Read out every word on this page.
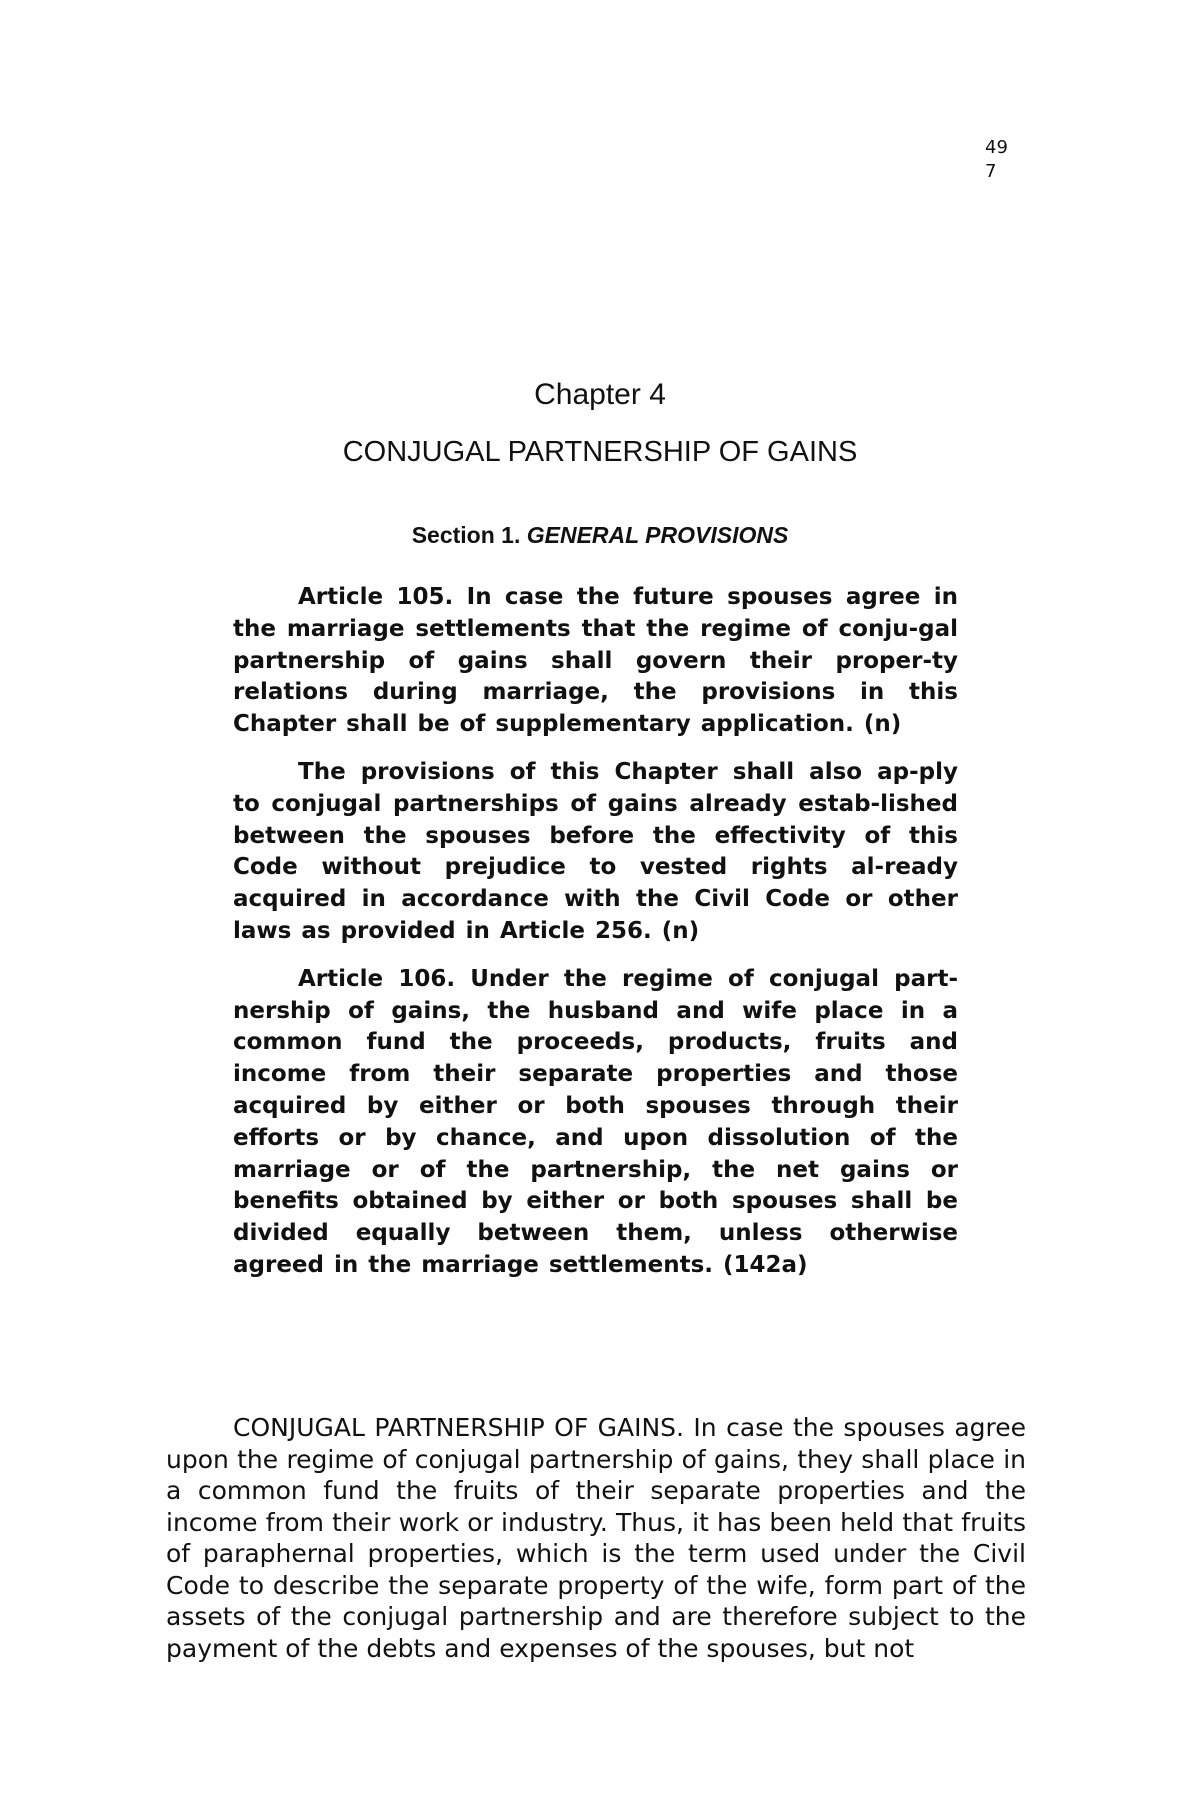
49
7
Chapter 4
CONJUGAL PARTNERSHIP OF GAINS
Section 1. GENERAL PROVISIONS

Article 105. In case the future spouses agree in the marriage settlements that the regime of conju-gal partnership of gains shall govern their proper-ty relations during marriage, the provisions in this Chapter shall be of supplementary application. (n)

The provisions of this Chapter shall also ap-ply to conjugal partnerships of gains already estab-lished between the spouses before the effectivity of this Code without prejudice to vested rights al-ready acquired in accordance with the Civil Code or other laws as provided in Article 256. (n)

Article 106. Under the regime of conjugal part-nership of gains, the husband and wife place in a common fund the proceeds, products, fruits and income from their separate properties and those acquired by either or both spouses through their efforts or by chance, and upon dissolution of the marriage or of the partnership, the net gains or benefits obtained by either or both spouses shall be divided equally between them, unless otherwise agreed in the marriage settlements. (142a)

CONJUGAL PARTNERSHIP OF GAINS. In case the spouses agree upon the regime of conjugal partnership of gains, they shall place in a common fund the fruits of their separate properties and the income from their work or industry. Thus, it has been held that fruits of paraphernal properties, which is the term used under the Civil Code to describe the separate property of the wife, form part of the assets of the conjugal partnership and are therefore subject to the payment of the debts and expenses of the spouses, but not
